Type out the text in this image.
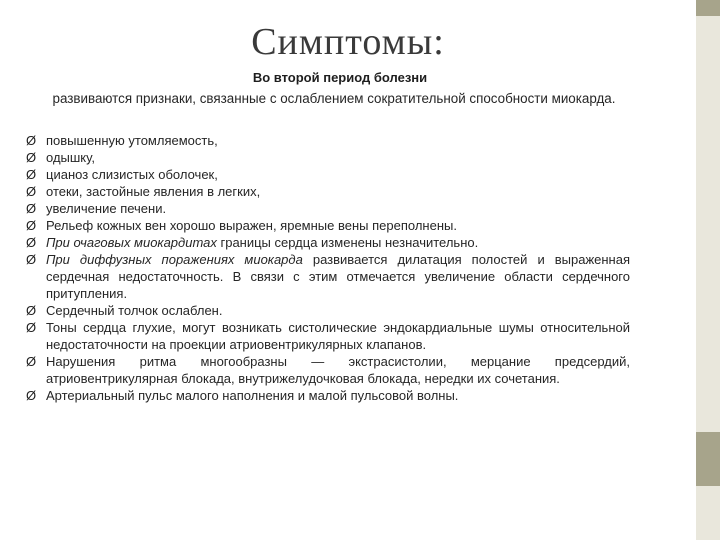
Симптомы:
Во второй период болезни
развиваются признаки, связанные с ослаблением сократительной способности миокарда.
Ø повышенную утомляемость,
Ø одышку,
Ø цианоз слизистых оболочек,
Ø отеки, застойные явления в легких,
Ø увеличение печени.
Ø Рельеф кожных вен хорошо выражен, яремные вены переполнены.
Ø При очаговых миокардитах границы сердца изменены незначительно.
Ø При диффузных поражениях миокарда развивается дилатация полостей и выраженная сердечная недостаточность. В связи с этим отмечается увеличение области сердечного притупления.
Ø Сердечный толчок ослаблен.
Ø Тоны сердца глухие, могут возникать систолические эндокардиальные шумы относительной недостаточности на проекции атриовентрикулярных клапанов.
Ø Нарушения ритма многообразны — экстрасистолии, мерцание предсердий, атриовентрикулярная блокада, внутрижелудочковая блокада, нередки их сочетания.
Ø Артериальный пульс малого наполнения и малой пульсовой волны.
